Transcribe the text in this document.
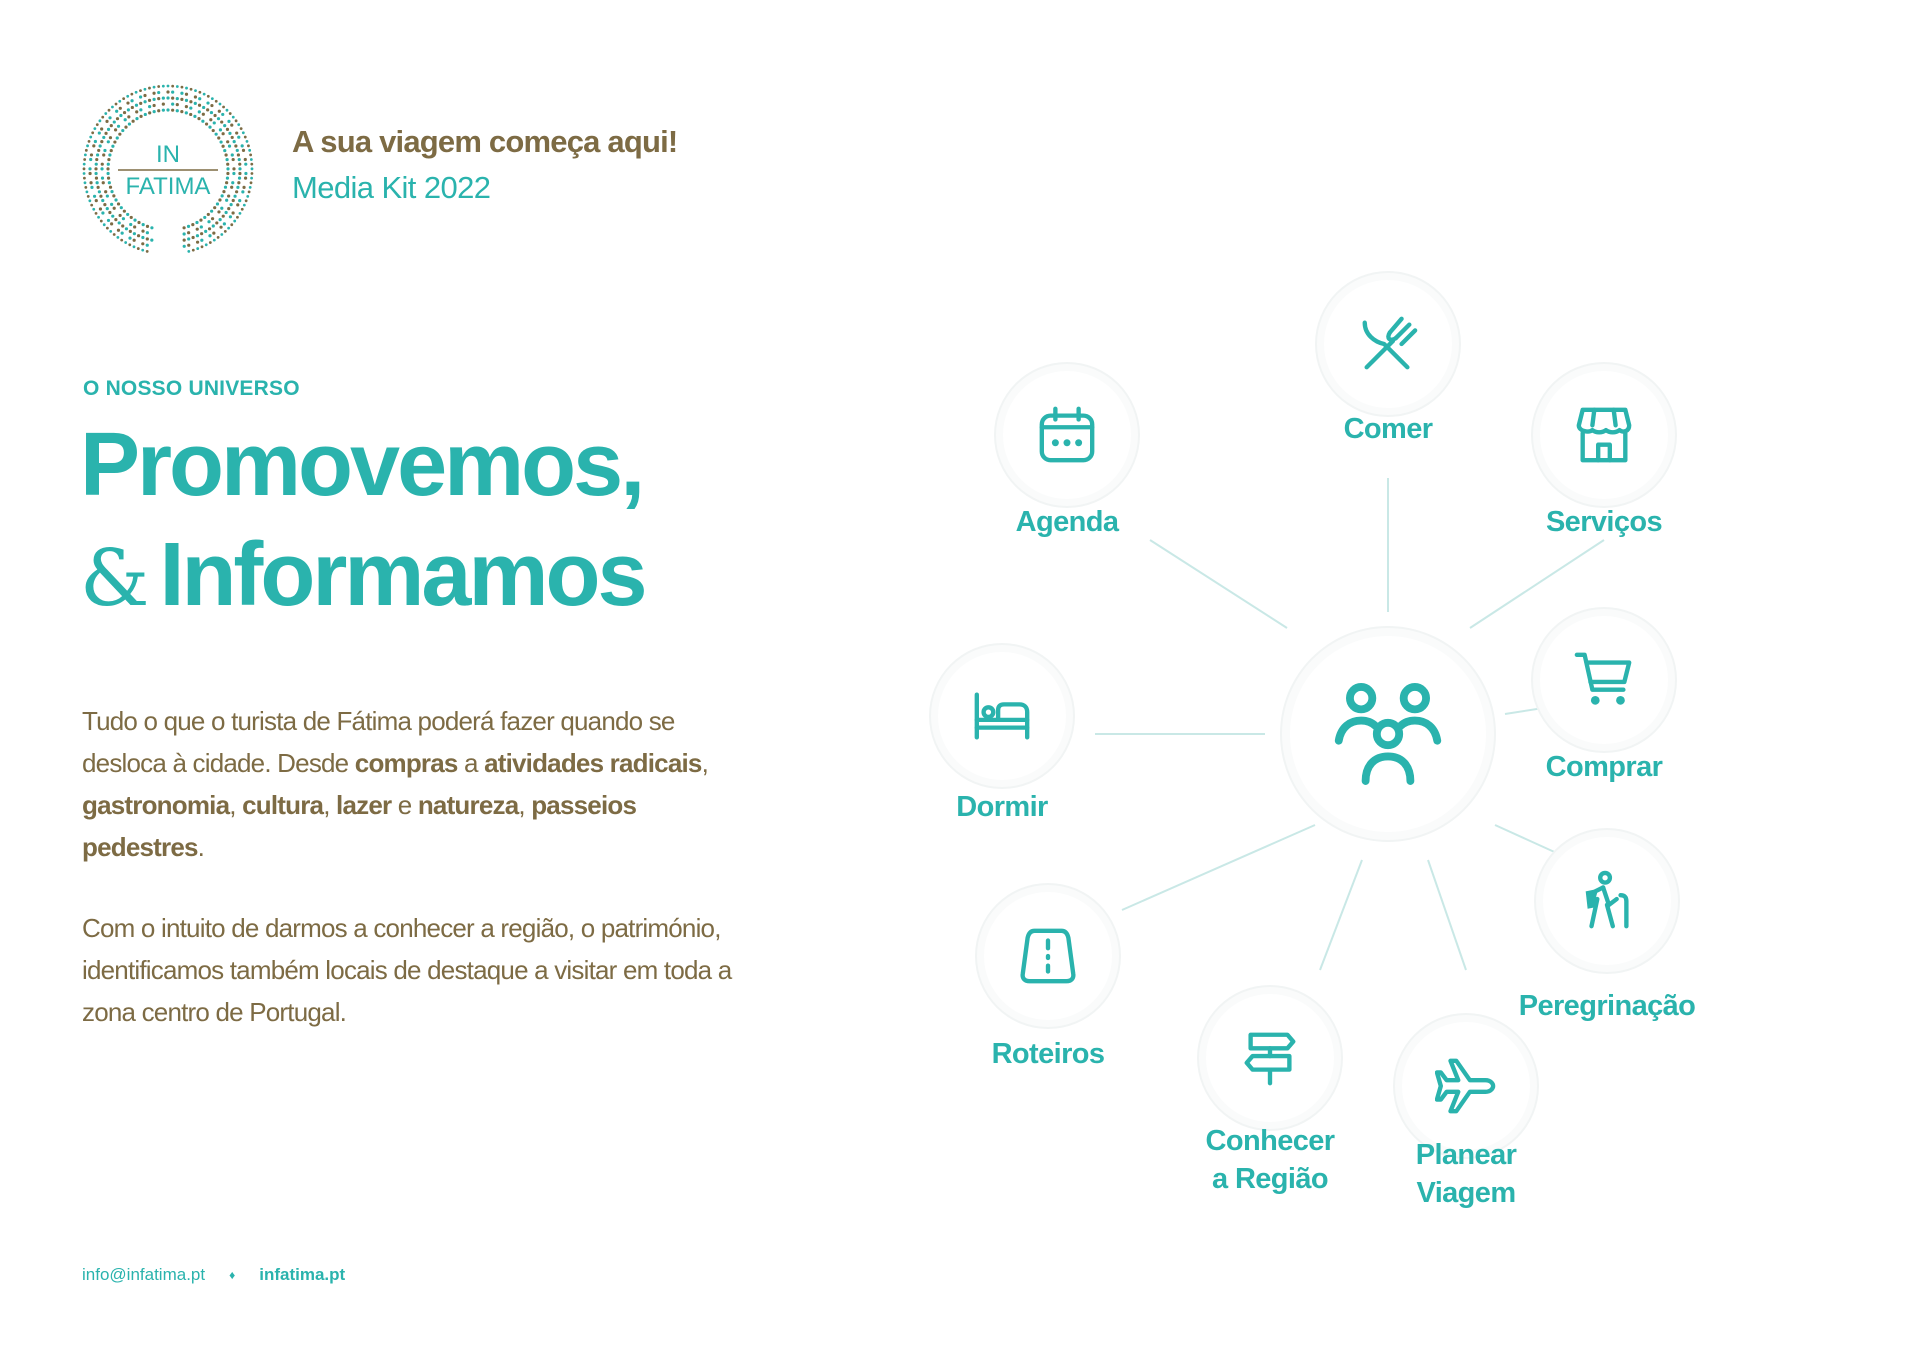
IN
FATIMA
A sua viagem começa aqui!
Media Kit 2022
O NOSSO UNIVERSO
Promovemos,
& Informamos
Tudo o que o turista de Fátima poderá fazer quando se desloca à cidade. Desde compras a atividades radicais, gastronomia, cultura, lazer e natureza, passeios pedestres.
Com o intuito de darmos a conhecer a região, o património, identificamos também locais de destaque a visitar em toda a zona centro de Portugal.
info@infatima.pt ♦ infatima.pt
Comer
Agenda	Serviços
Dormir
Comprar
Roteiros
Peregrinação
Conhecer
a Região
Planear
Viagem
